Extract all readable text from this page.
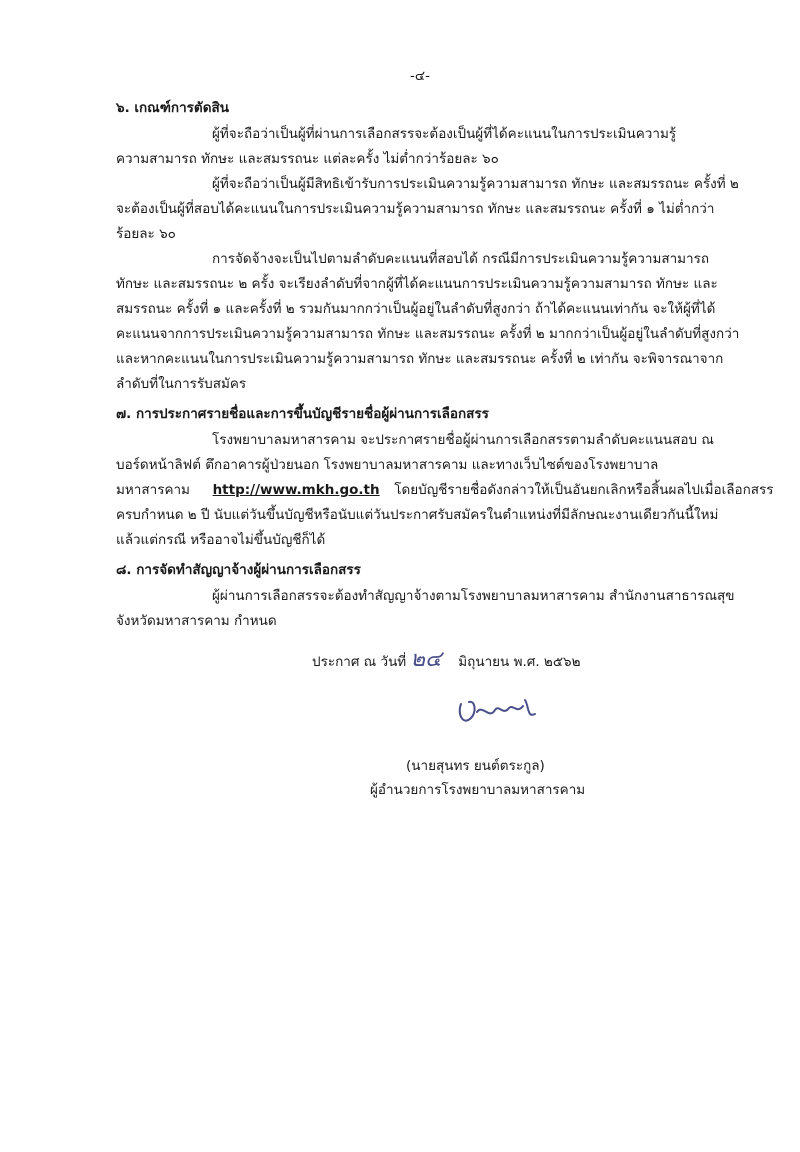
-๔-
๖. เกณฑ์การตัดสิน
ผู้ที่จะถือว่าเป็นผู้ที่ผ่านการเลือกสรรจะต้องเป็นผู้ที่ได้คะแนนในการประเมินความรู้
ความสามารถ ทักษะ และสมรรถนะ แต่ละครั้ง ไม่ต่ำกว่าร้อยละ ๖๐
ผู้ที่จะถือว่าเป็นผู้มีสิทธิเข้ารับการประเมินความรู้ความสามารถ ทักษะ และสมรรถนะ ครั้งที่ ๒
จะต้องเป็นผู้ที่สอบได้คะแนนในการประเมินความรู้ความสามารถ ทักษะ และสมรรถนะ ครั้งที่ ๑ ไม่ต่ำกว่า
ร้อยละ ๖๐
การจัดจ้างจะเป็นไปตามลำดับคะแนนที่สอบได้ กรณีมีการประเมินความรู้ความสามารถ
ทักษะ และสมรรถนะ ๒ ครั้ง จะเรียงลำดับที่จากผู้ที่ได้คะแนนการประเมินความรู้ความสามารถ ทักษะ และ
สมรรถนะ ครั้งที่ ๑ และครั้งที่ ๒ รวมกันมากกว่าเป็นผู้อยู่ในลำดับที่สูงกว่า ถ้าได้คะแนนเท่ากัน จะให้ผู้ที่ได้
คะแนนจากการประเมินความรู้ความสามารถ ทักษะ และสมรรถนะ ครั้งที่ ๒ มากกว่าเป็นผู้อยู่ในลำดับที่สูงกว่า
และหากคะแนนในการประเมินความรู้ความสามารถ ทักษะ และสมรรถนะ ครั้งที่ ๒ เท่ากัน จะพิจารณาจาก
ลำดับที่ในการรับสมัคร
๗. การประกาศรายชื่อและการขึ้นบัญชีรายชื่อผู้ผ่านการเลือกสรร
โรงพยาบาลมหาสารคาม จะประกาศรายชื่อผู้ผ่านการเลือกสรรตามลำดับคะแนนสอบ ณ
บอร์ดหน้าลิฟต์ ตึกอาคารผู้ป่วยนอก โรงพยาบาลมหาสารคาม และทางเว็บไซต์ของโรงพยาบาล
มหาสารคาม http://www.mkh.go.th โดยบัญชีรายชื่อดังกล่าวให้เป็นอันยกเลิกหรือสิ้นผลไปเมื่อเลือกสรร
ครบกำหนด ๒ ปี นับแต่วันขึ้นบัญชีหรือนับแต่วันประกาศรับสมัครในตำแหน่งที่มีลักษณะงานเดียวกันนี้ใหม่
แล้วแต่กรณี หรืออาจไม่ขึ้นบัญชีก็ได้
๘. การจัดทำสัญญาจ้างผู้ผ่านการเลือกสรร
ผู้ผ่านการเลือกสรรจะต้องทำสัญญาจ้างตามโรงพยาบาลมหาสารคาม สำนักงานสาธารณสุข
จังหวัดมหาสารคาม กำหนด
ประกาศ ณ วันที่ ๒๔ มิถุนายน พ.ศ. ๒๕๖๒
(นายสุนทร ยนต์ตระกูล)
ผู้อำนวยการโรงพยาบาลมหาสารคาม
